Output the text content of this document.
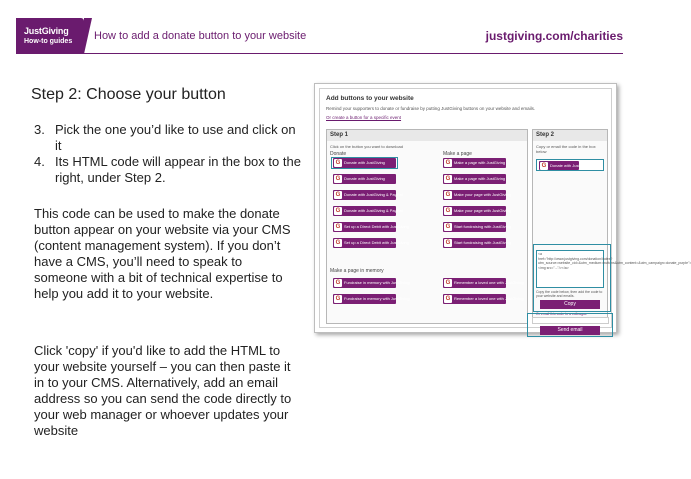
JustGiving
How-to guides How to add a donate button to your website	justgiving.com/charities
Step 2: Choose your button
3. Pick the one you’d like to use and click on it
4. Its HTML code will appear in the box to the right, under Step 2.
This code can be used to make the donate button appear on your website via your CMS (content management system). If you don’t have a CMS, you’ll need to speak to someone with a bit of technical expertise to help you add it to your website.
Click 'copy' if you'd like to add the HTML to your website yourself – you can then paste it in to your CMS. Alternatively, add an email address so you can send the code directly to your web manager or whoever updates your website
Add buttons to your website
Remind your supporters to donate or fundraise by putting JustGiving buttons on your website and emails.
Or create a button for a specific event
Step 1
Click on the button you want to download
Donate	Make a page
G Donate with JustGiving
G Donate with JustGiving
G Donate with JustGiving & PayPal
G Donate with JustGiving & PayPal
G Set up a Direct Debit with JustGiving
G Set up a Direct Debit with JustGiving
G Make a page with JustGiving
G Make a page with JustGiving
G Make your page with JustGiving
G Make your page with JustGiving
G Start fundraising with JustGiving
G Start fundraising with JustGiving
Make a page in memory
G Fundraise in memory with JustGiving
G Fundraise in memory with JustGiving
G Remember a loved one with JustGiving
G Remember a loved one with JustGiving
Step 2
Copy or email the code in the box below
G Donate with JustGiving
<a href="http://www.justgiving.com/donation/index?utm_source=website_cid=&utm_medium=buttons&utm_content=&utm_campaign=donate_purple"><img src="..."/></a>
Copy the code below, then add the code to your website and emails.
Copy
Or email this code to a colleague
Send email
